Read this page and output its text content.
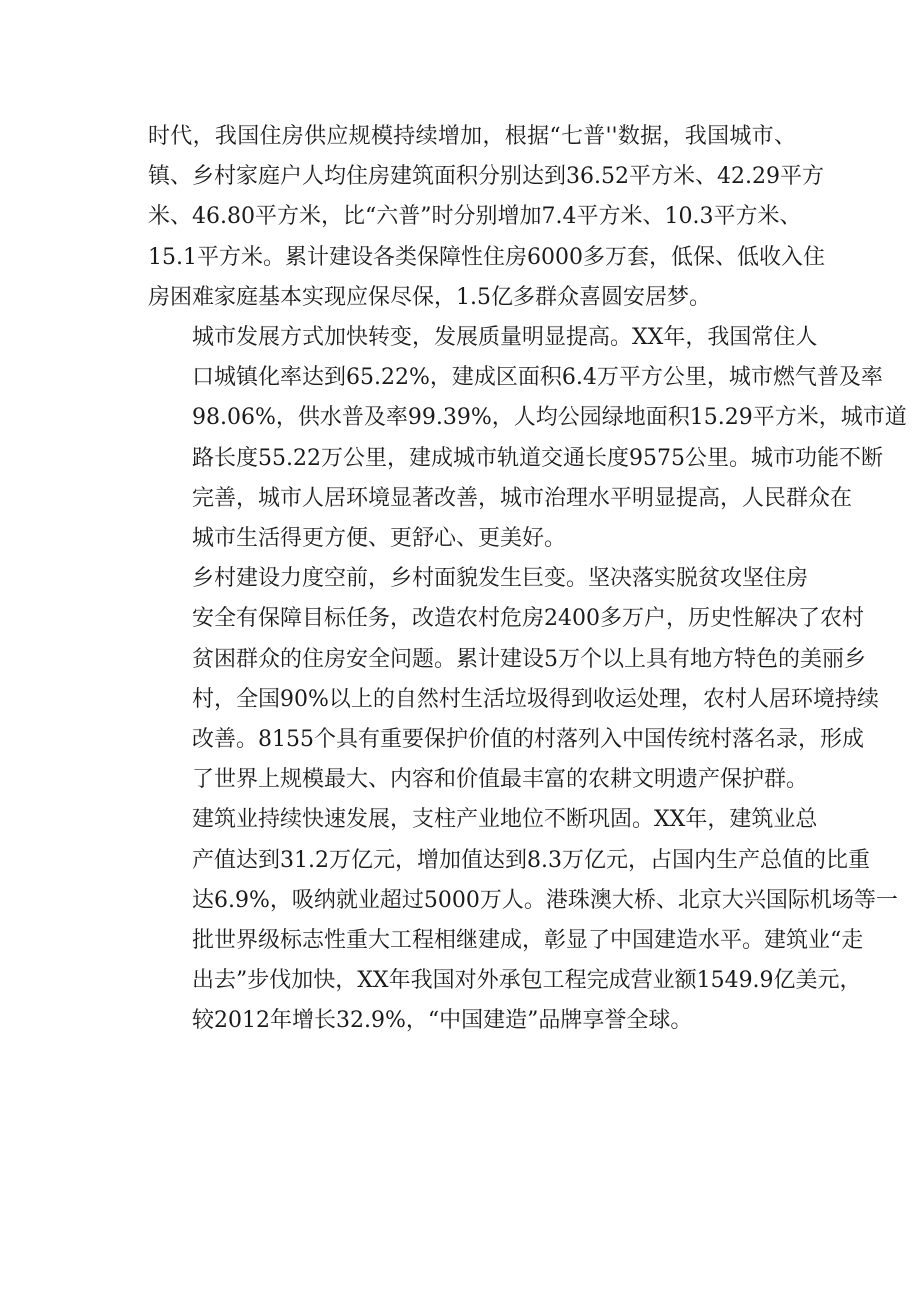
时代，我国住房供应规模持续增加，根据“七普''数据，我国城市、
镇、乡村家庭户人均住房建筑面积分别达到36.52平方米、42.29平方
米、46.80平方米，比“六普”时分别增加7.4平方米、10.3平方米、
15.1平方米。累计建设各类保障性住房6000多万套，低保、低收入住
房困难家庭基本实现应保尽保，1.5亿多群众喜圆安居梦。

城市发展方式加快转变，发展质量明显提高。XX年，我国常住人
口城镇化率达到65.22%，建成区面积6.4万平方公里，城市燃气普及率
98.06%，供水普及率99.39%，人均公园绿地面积15.29平方米，城市道
路长度55.22万公里，建成城市轨道交通长度9575公里。城市功能不断
完善，城市人居环境显著改善，城市治理水平明显提高，人民群众在
城市生活得更方便、更舒心、更美好。

乡村建设力度空前，乡村面貌发生巨变。坚决落实脱贫攻坚住房
安全有保障目标任务，改造农村危房2400多万户，历史性解决了农村
贫困群众的住房安全问题。累计建设5万个以上具有地方特色的美丽乡
村，全国90%以上的自然村生活垃圾得到收运处理，农村人居环境持续
改善。8155个具有重要保护价值的村落列入中国传统村落名录，形成
了世界上规模最大、内容和价值最丰富的农耕文明遗产保护群。

建筑业持续快速发展，支柱产业地位不断巩固。XX年，建筑业总
产值达到31.2万亿元，增加值达到8.3万亿元，占国内生产总值的比重
达6.9%，吸纳就业超过5000万人。港珠澳大桥、北京大兴国际机场等一
批世界级标志性重大工程相继建成，彰显了中国建造水平。建筑业“走
出去”步伐加快，XX年我国对外承包工程完成营业额1549.9亿美元，
较2012年增长32.9%，“中国建造”品牌享誉全球。
